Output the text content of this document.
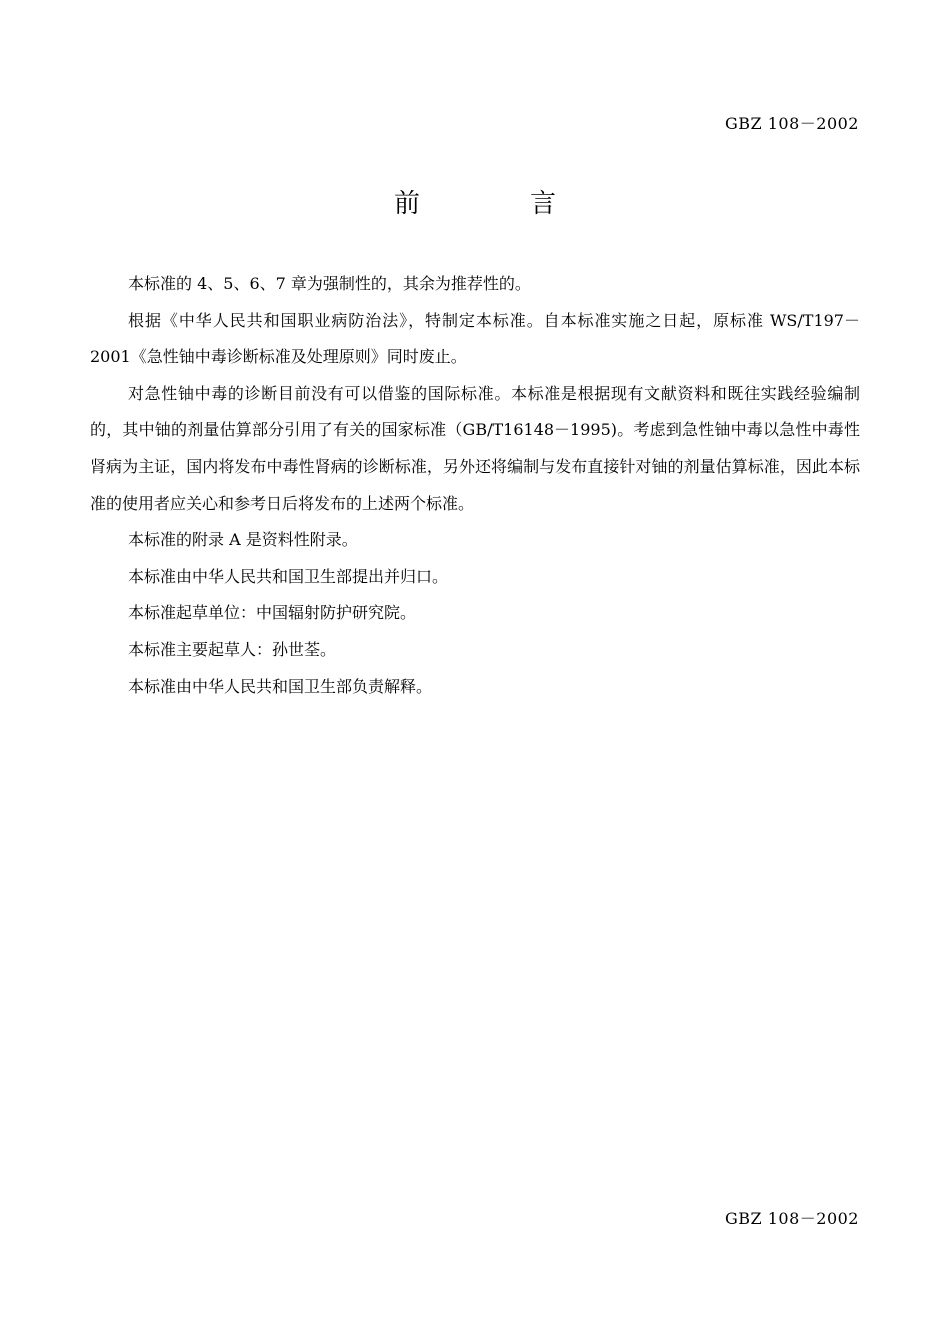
GBZ 108－2002
前	言

本标准的 4、5、6、7 章为强制性的，其余为推荐性的。

根据《中华人民共和国职业病防治法》，特制定本标准。自本标准实施之日起，原标准 WS/T197－2001《急性铀中毒诊断标准及处理原则》同时废止。

对急性铀中毒的诊断目前没有可以借鉴的国际标准。本标准是根据现有文献资料和既往实践经验编制的，其中铀的剂量估算部分引用了有关的国家标准（GB/T16148－1995)。考虑到急性铀中毒以急性中毒性肾病为主证，国内将发布中毒性肾病的诊断标准，另外还将编制与发布直接针对铀的剂量估算标准，因此本标准的使用者应关心和参考日后将发布的上述两个标准。

本标准的附录 A 是资料性附录。

本标准由中华人民共和国卫生部提出并归口。

本标准起草单位：中国辐射防护研究院。

本标准主要起草人：孙世荃。

本标准由中华人民共和国卫生部负责解释。

GBZ 108－2002
